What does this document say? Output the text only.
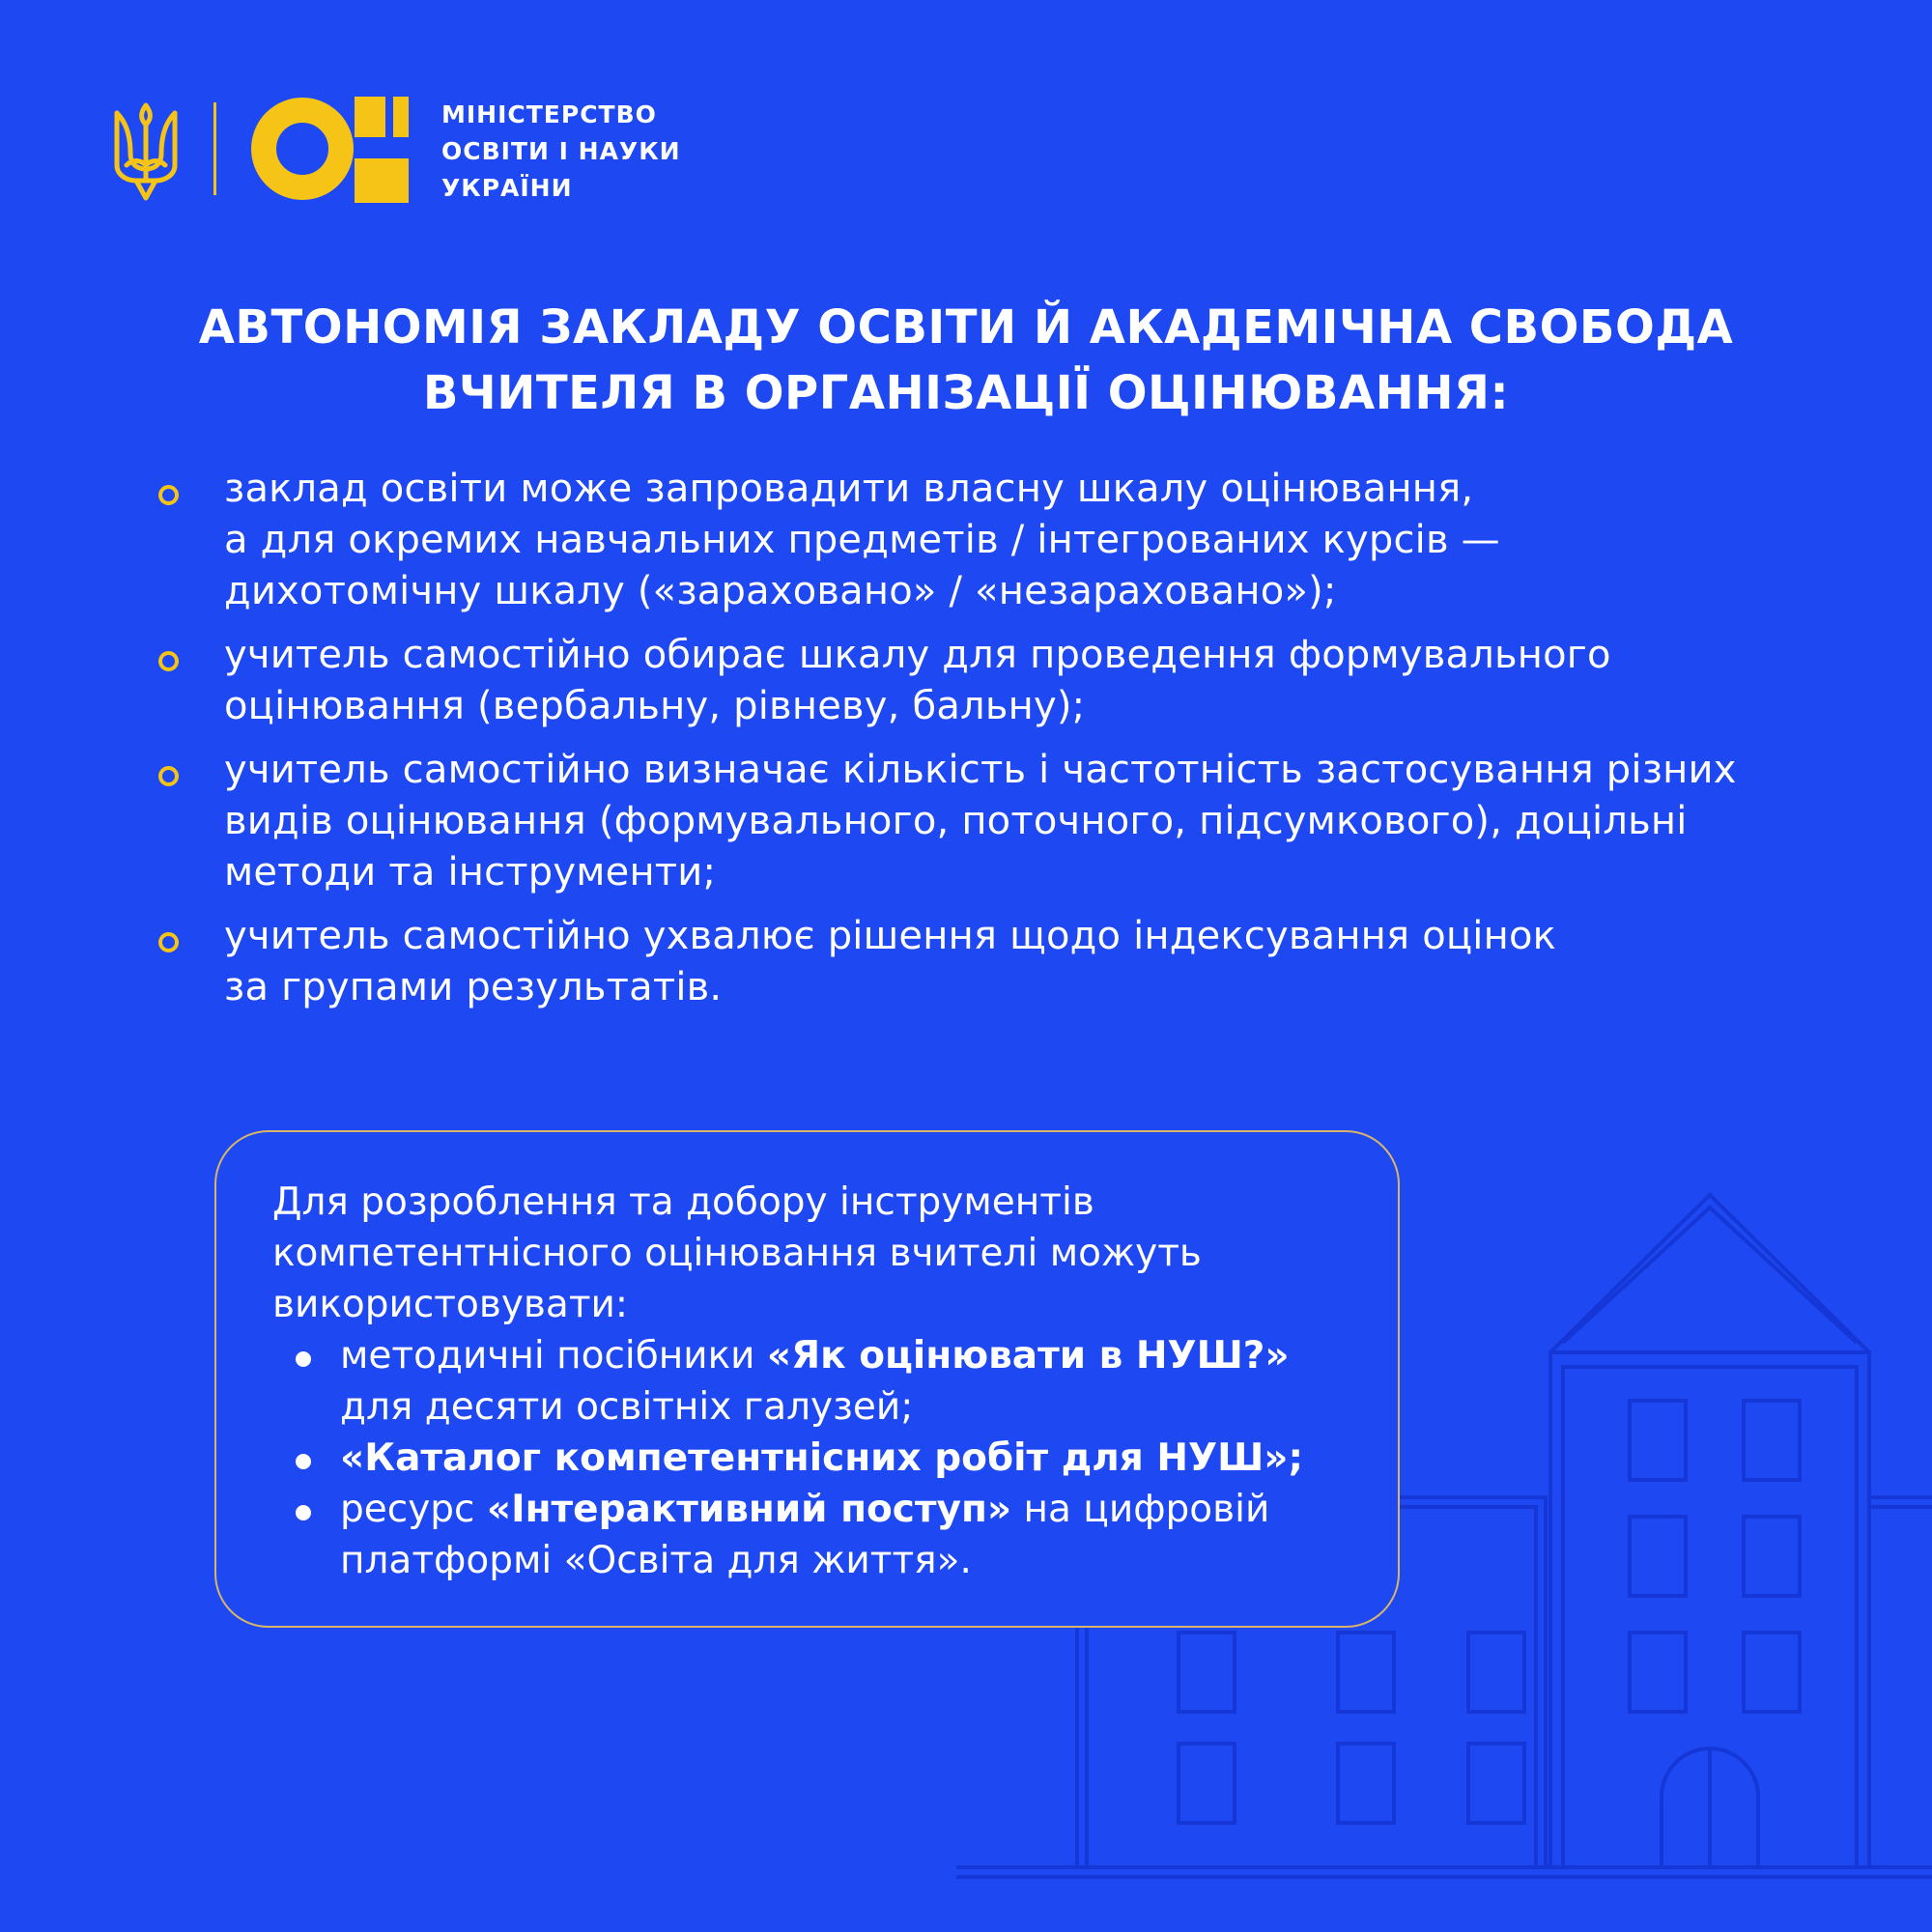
МІНІСТЕРСТВО
ОСВІТИ І НАУКИ
УКРАЇНИ
АВТОНОМІЯ ЗАКЛАДУ ОСВІТИ Й АКАДЕМІЧНА СВОБОДА
ВЧИТЕЛЯ В ОРГАНІЗАЦІЇ ОЦІНЮВАННЯ:
заклад освіти може запровадити власну шкалу оцінювання,
а для окремих навчальних предметів / інтегрованих курсів —
дихотомічну шкалу («зараховано» / «незараховано»);
учитель самостійно обирає шкалу для проведення формувального
оцінювання (вербальну, рівневу, бальну);
учитель самостійно визначає кількість і частотність застосування різних
видів оцінювання (формувального, поточного, підсумкового), доцільні
методи та інструменти;
учитель самостійно ухвалює рішення щодо індексування оцінок
за групами результатів.
Для розроблення та добору інструментів
компетентнісного оцінювання вчителі можуть
використовувати:
методичні посібники «Як оцінювати в НУШ?»
для десяти освітніх галузей;
«Каталог компетентнісних робіт для НУШ»;
ресурс «Інтерактивний поступ» на цифровій
платформі «Освіта для життя».
